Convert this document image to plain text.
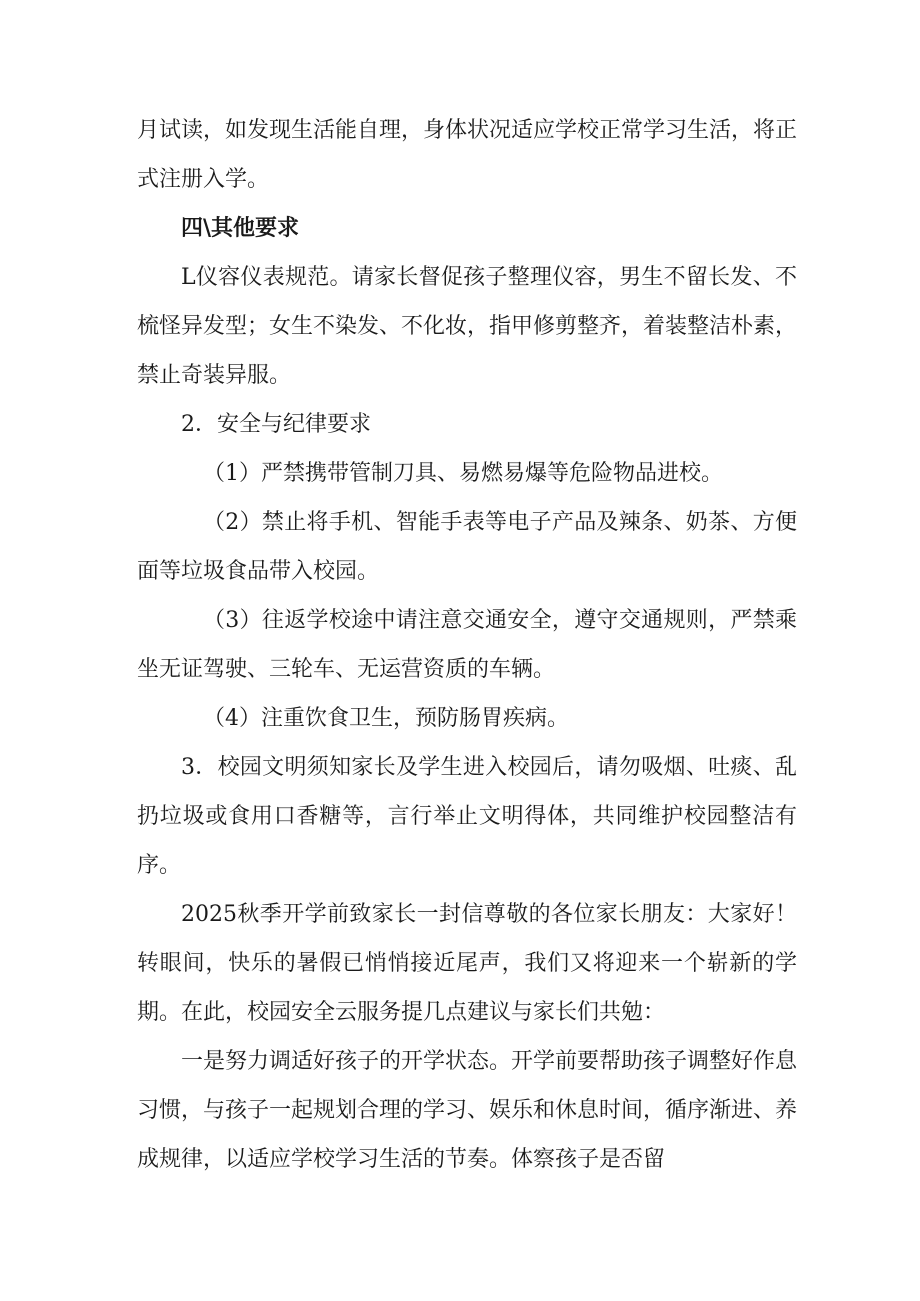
月试读，如发现生活能自理，身体状况适应学校正常学习生活，将正式注册入学。

四\其他要求

L仪容仪表规范。请家长督促孩子整理仪容，男生不留长发、不梳怪异发型；女生不染发、不化妆，指甲修剪整齐，着装整洁朴素，禁止奇装异服。

2．安全与纪律要求

（1）严禁携带管制刀具、易燃易爆等危险物品进校。

（2）禁止将手机、智能手表等电子产品及辣条、奶茶、方便面等垃圾食品带入校园。

（3）往返学校途中请注意交通安全，遵守交通规则，严禁乘坐无证驾驶、三轮车、无运营资质的车辆。

（4）注重饮食卫生，预防肠胃疾病。

3．校园文明须知家长及学生进入校园后，请勿吸烟、吐痰、乱扔垃圾或食用口香糖等，言行举止文明得体，共同维护校园整洁有序。

2025秋季开学前致家长一封信尊敬的各位家长朋友：大家好！转眼间，快乐的暑假已悄悄接近尾声，我们又将迎来一个崭新的学期。在此，校园安全云服务提几点建议与家长们共勉：

一是努力调适好孩子的开学状态。开学前要帮助孩子调整好作息习惯，与孩子一起规划合理的学习、娱乐和休息时间，循序渐进、养成规律，以适应学校学习生活的节奏。体察孩子是否留
